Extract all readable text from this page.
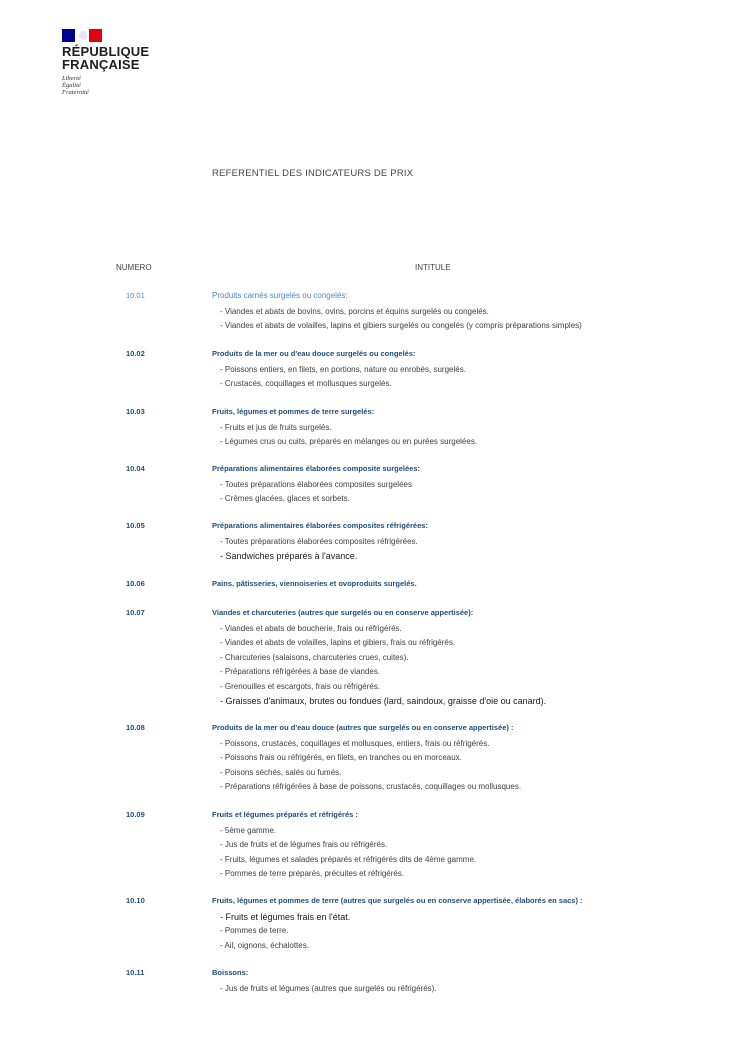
RÉPUBLIQUE
FRANÇAISE
Liberté
Égalité
Fraternité
REFERENTIEL DES INDICATEURS DE PRIX
NUMERO	INTITULE
10.01	Produits carnés surgelés ou congelés:
- Viandes et abats de bovins, ovins, porcins et équins surgelés ou congelés.
- Viandes et abats de volailles, lapins et gibiers surgelés ou congelés (y compris préparations simples)
10.02	Produits de la mer ou d'eau douce surgelés ou congelés:
- Poissons entiers, en filets, en portions, nature ou enrobés, surgelés.
- Crustacés, coquillages et mollusques surgelés.
10.03	Fruits, légumes et pommes de terre surgelés:
- Fruits et jus de fruits surgelés.
- Légumes crus ou cuits, préparés en mélanges ou en purées surgelées.
10.04	Préparations alimentaires élaborées composite surgelées:
- Toutes préparations élaborées composites surgelées
- Crèmes glacées, glaces et sorbets.
10.05	Préparations alimentaires élaborées composites réfrigérées:
- Toutes préparations élaborées composites réfrigérées.
- Sandwiches préparés à l'avance.
10.06	Pains, pâtisseries, viennoiseries et ovoproduits surgelés.
10.07	Viandes et charcuteries (autres que surgelés ou en conserve appertisée):
- Viandes et abats de boucherie, frais ou réfrigérés.
- Viandes et abats de volailles, lapins et gibiers, frais ou réfrigérés.
- Charcuteries (salaisons, charcuteries crues, cuites).
- Préparations réfrigérées à base de viandes.
- Grenouilles et escargots, frais ou réfrigérés.
- Graisses d'animaux, brutes ou fondues (lard, saindoux, graisse d'oie ou canard).
10.08	Produits de la mer ou d'eau douce (autres que surgelés ou en conserve appertisée) :
- Poissons, crustacés, coquillages et mollusques, entiers, frais ou réfrigérés.
- Poissons frais ou réfrigérés, en filets, en tranches ou en morceaux.
- Poisons séchés, salés ou fumés.
- Préparations réfrigérées à base de poissons, crustacés, coquillages ou mollusques.
10.09	Fruits et légumes préparés et réfrigérés :
- 5ème gamme.
- Jus de fruits et de légumes frais ou réfrigérés.
- Fruits, légumes et salades préparés et réfrigérés dits de 4ème gamme.
- Pommes de terre préparés, précuites et réfrigérés.
10.10	Fruits, légumes et pommes de terre (autres que surgelés ou en conserve appertisée, élaborés en sacs) :
- Fruits et légumes frais en l'état.
- Pommes de terre.
- Ail, oignons, échalottes.
10.11	Boissons:
- Jus de fruits et légumes (autres que surgelés ou réfrigérés).
